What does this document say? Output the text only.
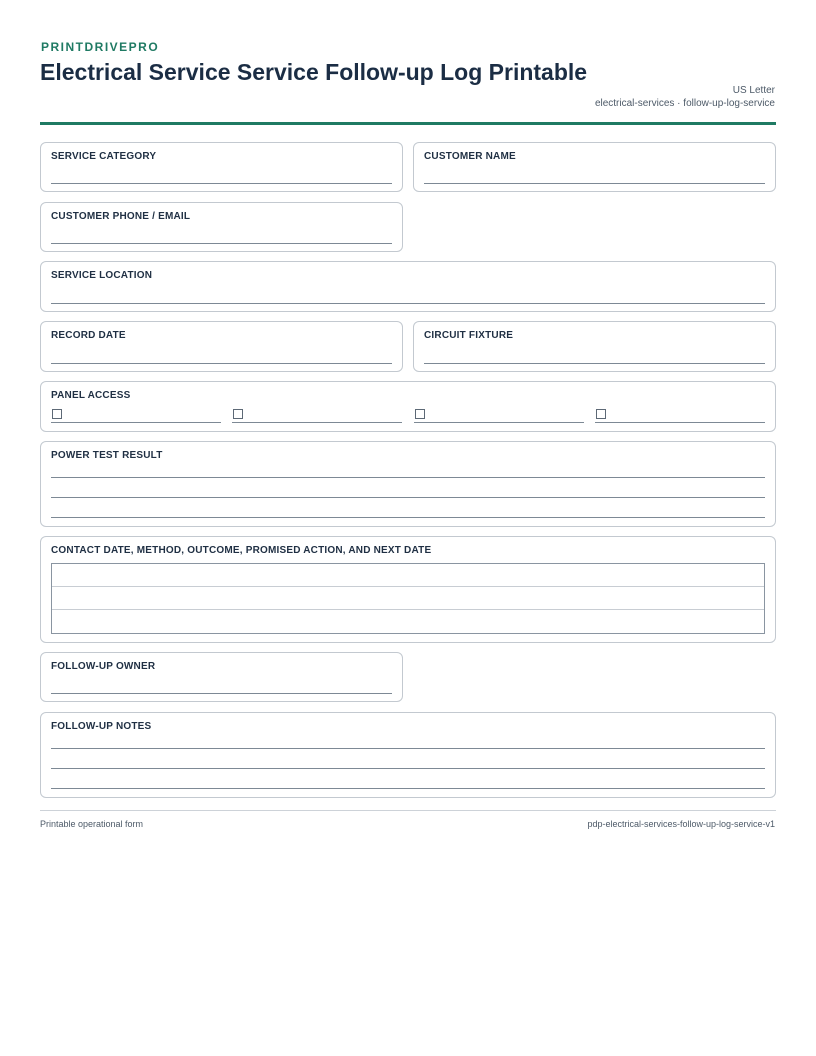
PRINTDRIVEPRO
Electrical Service Service Follow-up Log Printable
US Letter
electrical-services · follow-up-log-service
SERVICE CATEGORY	CUSTOMER NAME
CUSTOMER PHONE / EMAIL
SERVICE LOCATION
RECORD DATE	CIRCUIT FIXTURE
PANEL ACCESS
POWER TEST RESULT
CONTACT DATE, METHOD, OUTCOME, PROMISED ACTION, AND NEXT DATE
FOLLOW-UP OWNER
FOLLOW-UP NOTES
Printable operational form	pdp-electrical-services-follow-up-log-service-v1
